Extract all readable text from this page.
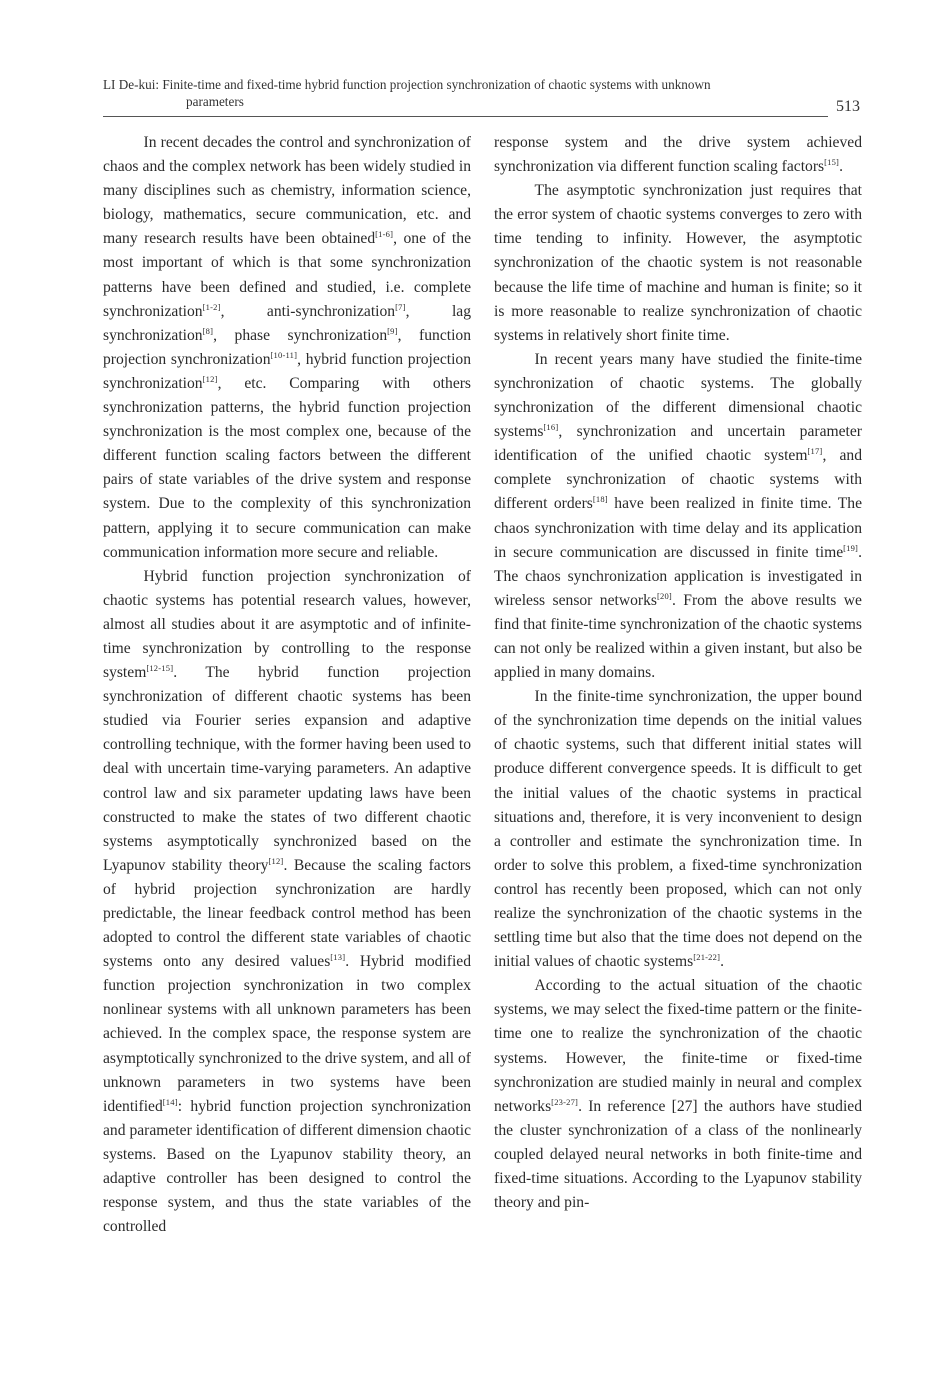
LI De-kui: Finite-time and fixed-time hybrid function projection synchronization of chaotic systems with unknown
parameters	513

In recent decades the control and synchronization of chaos and the complex network has been widely studied in many disciplines such as chemistry, information science, biology, mathematics, secure communication, etc. and many research results have been obtained[1-6], one of the most important of which is that some synchronization patterns have been defined and studied, i.e. complete synchronization[1-2], anti-synchronization[7], lag synchronization[8], phase synchronization[9], function projection synchronization[10-11], hybrid function projection synchronization[12], etc. Comparing with others synchronization patterns, the hybrid function projection synchronization is the most complex one, because of the different function scaling factors between the different pairs of state variables of the drive system and response system. Due to the complexity of this synchronization pattern, applying it to secure communication can make communication information more secure and reliable.

Hybrid function projection synchronization of chaotic systems has potential research values, however, almost all studies about it are asymptotic and of infinite-time synchronization by controlling to the response system[12-15]. The hybrid function projection synchronization of different chaotic systems has been studied via Fourier series expansion and adaptive controlling technique, with the former having been used to deal with uncertain time-varying parameters. An adaptive control law and six parameter updating laws have been constructed to make the states of two different chaotic systems asymptotically synchronized based on the Lyapunov stability theory[12]. Because the scaling factors of hybrid projection synchronization are hardly predictable, the linear feedback control method has been adopted to control the different state variables of chaotic systems onto any desired values[13]. Hybrid modified function projection synchronization in two complex nonlinear systems with all unknown parameters has been achieved. In the complex space, the response system are asymptotically synchronized to the drive system, and all of unknown parameters in two systems have been identified[14]: hybrid function projection synchronization and parameter identification of different dimension chaotic systems. Based on the Lyapunov stability theory, an adaptive controller has been designed to control the response system, and thus the state variables of the controlled

response system and the drive system achieved synchronization via different function scaling factors[15].

The asymptotic synchronization just requires that the error system of chaotic systems converges to zero with time tending to infinity. However, the asymptotic synchronization of the chaotic system is not reasonable because the life time of machine and human is finite; so it is more reasonable to realize synchronization of chaotic systems in relatively short finite time.

In recent years many have studied the finite-time synchronization of chaotic systems. The globally synchronization of the different dimensional chaotic systems[16], synchronization and uncertain parameter identification of the unified chaotic system[17], and complete synchronization of chaotic systems with different orders[18] have been realized in finite time. The chaos synchronization with time delay and its application in secure communication are discussed in finite time[19]. The chaos synchronization application is investigated in wireless sensor networks[20]. From the above results we find that finite-time synchronization of the chaotic systems can not only be realized within a given instant, but also be applied in many domains.

In the finite-time synchronization, the upper bound of the synchronization time depends on the initial values of chaotic systems, such that different initial states will produce different convergence speeds. It is difficult to get the initial values of the chaotic systems in practical situations and, therefore, it is very inconvenient to design a controller and estimate the synchronization time. In order to solve this problem, a fixed-time synchronization control has recently been proposed, which can not only realize the synchronization of the chaotic systems in the settling time but also that the time does not depend on the initial values of chaotic systems[21-22].

According to the actual situation of the chaotic systems, we may select the fixed-time pattern or the finite-time one to realize the synchronization of the chaotic systems. However, the finite-time or fixed-time synchronization are studied mainly in neural and complex networks[23-27]. In reference [27] the authors have studied the cluster synchronization of a class of the nonlinearly coupled delayed neural networks in both finite-time and fixed-time situations. According to the Lyapunov stability theory and pin-
